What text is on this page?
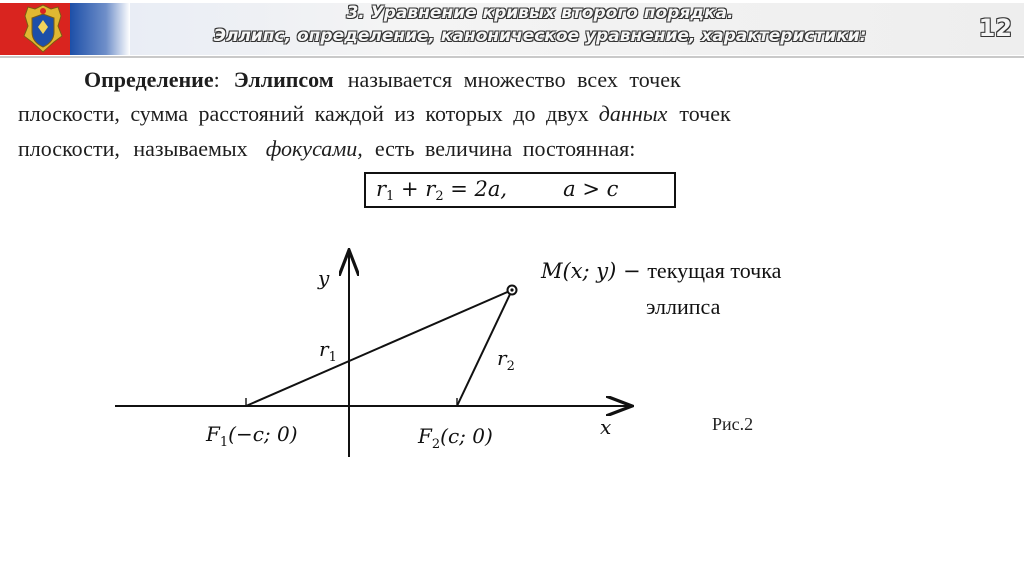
3. Уравнение кривых второго порядка.
Эллипс, определение, каноническое уравнение, характеристики:	12
Определение: Эллипсом называется множество всех точек
плоскости, сумма расстояний каждой из которых до двух данных точек
плоскости, называемых фокусами, есть величина постоянная:
$r_1 + r_2 = 2a$,	a > c
y
x
$r_1$	$r_2$
$F_1(-c$; 0)	$F_2(c$; 0)
M(x; y) − текущая точка
эллипса
Рис.2
